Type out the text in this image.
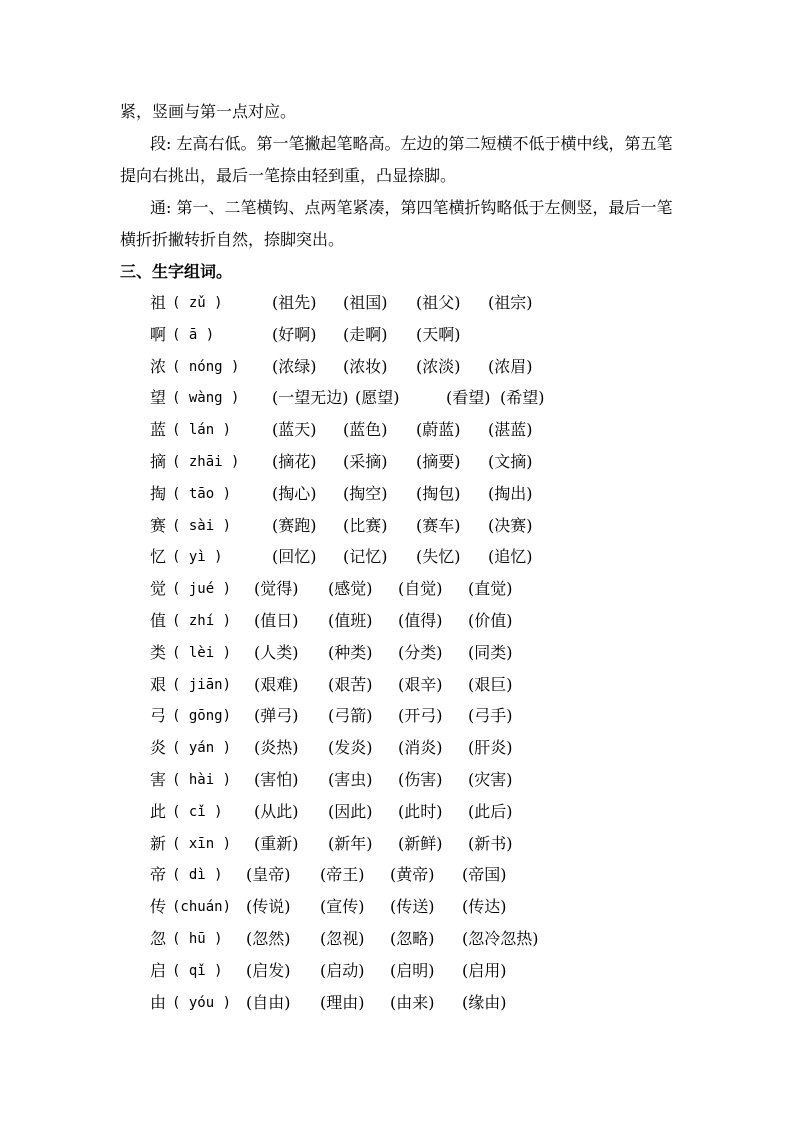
紧，竖画与第一点对应。
段: 左高右低。第一笔撇起笔略高。左边的第二短横不低于横中线，第五笔
提向右挑出，最后一笔捺由轻到重，凸显捺脚。
通: 第一、二笔横钩、点两笔紧凑，第四笔横折钩略低于左侧竖，最后一笔
横折折撇转折自然，捺脚突出。
三、生字组词。
祖 ( zǔ )	(祖先) (祖国) (祖父) (祖宗)
啊 ( ā )	(好啊) (走啊) (天啊)
浓 ( nóng ) (浓绿) (浓妆) (浓淡) (浓眉)
望 ( wàng ) (一望无边) (愿望)	(看望) (希望)
蓝 ( lán )	(蓝天) (蓝色) (蔚蓝) (湛蓝)
摘 ( zhāi ) (摘花) (采摘) (摘要) (文摘)
掏 ( tāo )	(掏心) (掏空) (掏包) (掏出)
赛 ( sài )	(赛跑) (比赛) (赛车) (决赛)
忆 ( yì )	(回忆) (记忆) (失忆) (追忆)
觉 ( jué ) (觉得) (感觉) (自觉) (直觉)
值 ( zhí ) (值日) (值班) (值得) (价值)
类 ( lèi ) (人类) (种类) (分类) (同类)
艰 ( jiān) (艰难) (艰苦) (艰辛) (艰巨)
弓 ( gōng) (弹弓) (弓箭) (开弓) (弓手)
炎 ( yán ) (炎热) (发炎) (消炎) (肝炎)
害 ( hài ) (害怕) (害虫) (伤害) (灾害)
此 ( cǐ ) (从此) (因此) (此时) (此后)
新 ( xīn ) (重新) (新年) (新鲜) (新书)
帝 ( dì ) (皇帝) (帝王) (黄帝) (帝国)
传 (chuán) (传说) (宣传) (传送) (传达)
忽 ( hū ) (忽然) (忽视) (忽略) (忽冷忽热)
启 ( qǐ ) (启发) (启动) (启明) (启用)
由 ( yóu ) (自由) (理由) (由来) (缘由)
